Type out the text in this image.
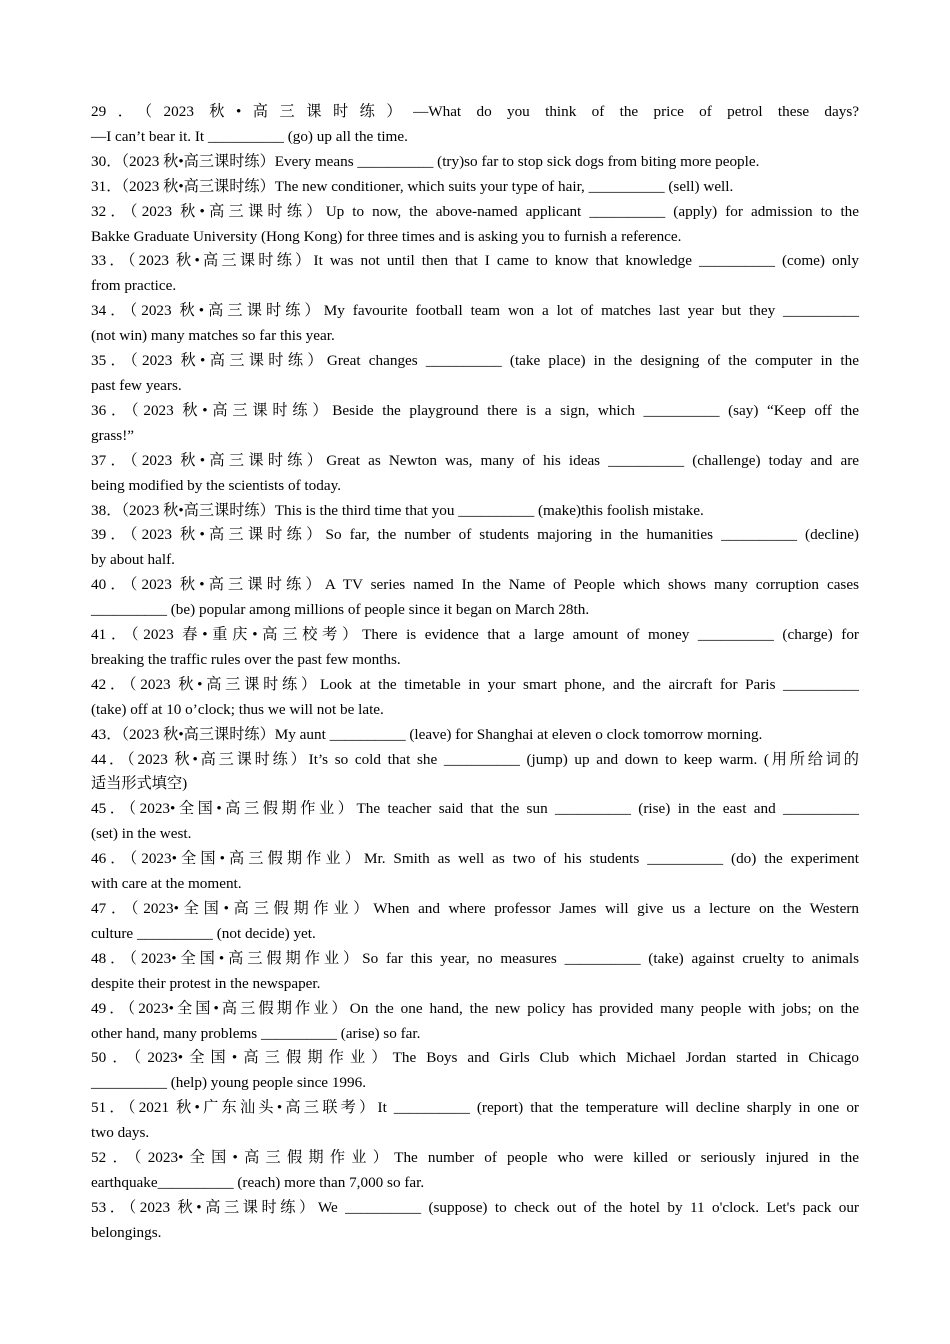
29．（2023 秋•高三课时练）—What do you think of the price of petrol these days?
—I can’t bear it. It __________ (go) up all the time.
30．（2023 秋•高三课时练）Every means __________ (try)so far to stop sick dogs from biting more people.
31．（2023 秋•高三课时练）The new conditioner, which suits your type of hair, __________ (sell) well.
32．（2023 秋•高三课时练）Up to now, the above-named applicant __________ (apply) for admission to the
Bakke Graduate University (Hong Kong) for three times and is asking you to furnish a reference.
33．（2023 秋•高三课时练）It was not until then that I came to know that knowledge __________ (come) only
from practice.
34．（2023 秋•高三课时练）My favourite football team won a lot of matches last year but they __________
(not win) many matches so far this year.
35．（2023 秋•高三课时练）Great changes __________ (take place) in the designing of the computer in the
past few years.
36．（2023 秋•高三课时练）Beside the playground there is a sign, which __________ (say) “Keep off the
grass!”
37．（2023 秋•高三课时练）Great as Newton was, many of his ideas __________ (challenge) today and are
being modified by the scientists of today.
38．（2023 秋•高三课时练）This is the third time that you __________ (make)this foolish mistake.
39．（2023 秋•高三课时练）So far, the number of students majoring in the humanities __________ (decline)
by about half.
40．（2023 秋•高三课时练）A TV series named In the Name of People which shows many corruption cases
__________ (be) popular among millions of people since it began on March 28th.
41．（2023 春•重庆•高三校考）There is evidence that a large amount of money __________ (charge) for
breaking the traffic rules over the past few months.
42．（2023 秋•高三课时练）Look at the timetable in your smart phone, and the aircraft for Paris __________
(take) off at 10 o’clock; thus we will not be late.
43．（2023 秋•高三课时练）My aunt __________ (leave) for Shanghai at eleven o clock tomorrow morning.
44．（2023 秋•高三课时练）It’s so cold that she __________ (jump) up and down to keep warm. (用所给词的
适当形式填空)
45．（2023•全国•高三假期作业）The teacher said that the sun __________ (rise) in the east and __________
(set) in the west.
46．（2023•全国•高三假期作业）Mr. Smith as well as two of his students __________ (do) the experiment
with care at the moment.
47．（2023•全国•高三假期作业）When and where professor James will give us a lecture on the Western
culture __________ (not decide) yet.
48．（2023•全国•高三假期作业）So far this year, no measures __________ (take) against cruelty to animals
despite their protest in the newspaper.
49．（2023•全国•高三假期作业）On the one hand, the new policy has provided many people with jobs; on the
other hand, many problems __________ (arise) so far.
50．（2023•全国•高三假期作业）The Boys and Girls Club which Michael Jordan started in Chicago
__________ (help) young people since 1996.
51．（2021 秋•广东汕头•高三联考）It __________ (report) that the temperature will decline sharply in one or
two days.
52．（2023•全国•高三假期作业）The number of people who were killed or seriously injured in the
earthquake__________ (reach) more than 7,000 so far.
53．（2023 秋•高三课时练）We __________ (suppose) to check out of the hotel by 11 o'clock. Let's pack our
belongings.
